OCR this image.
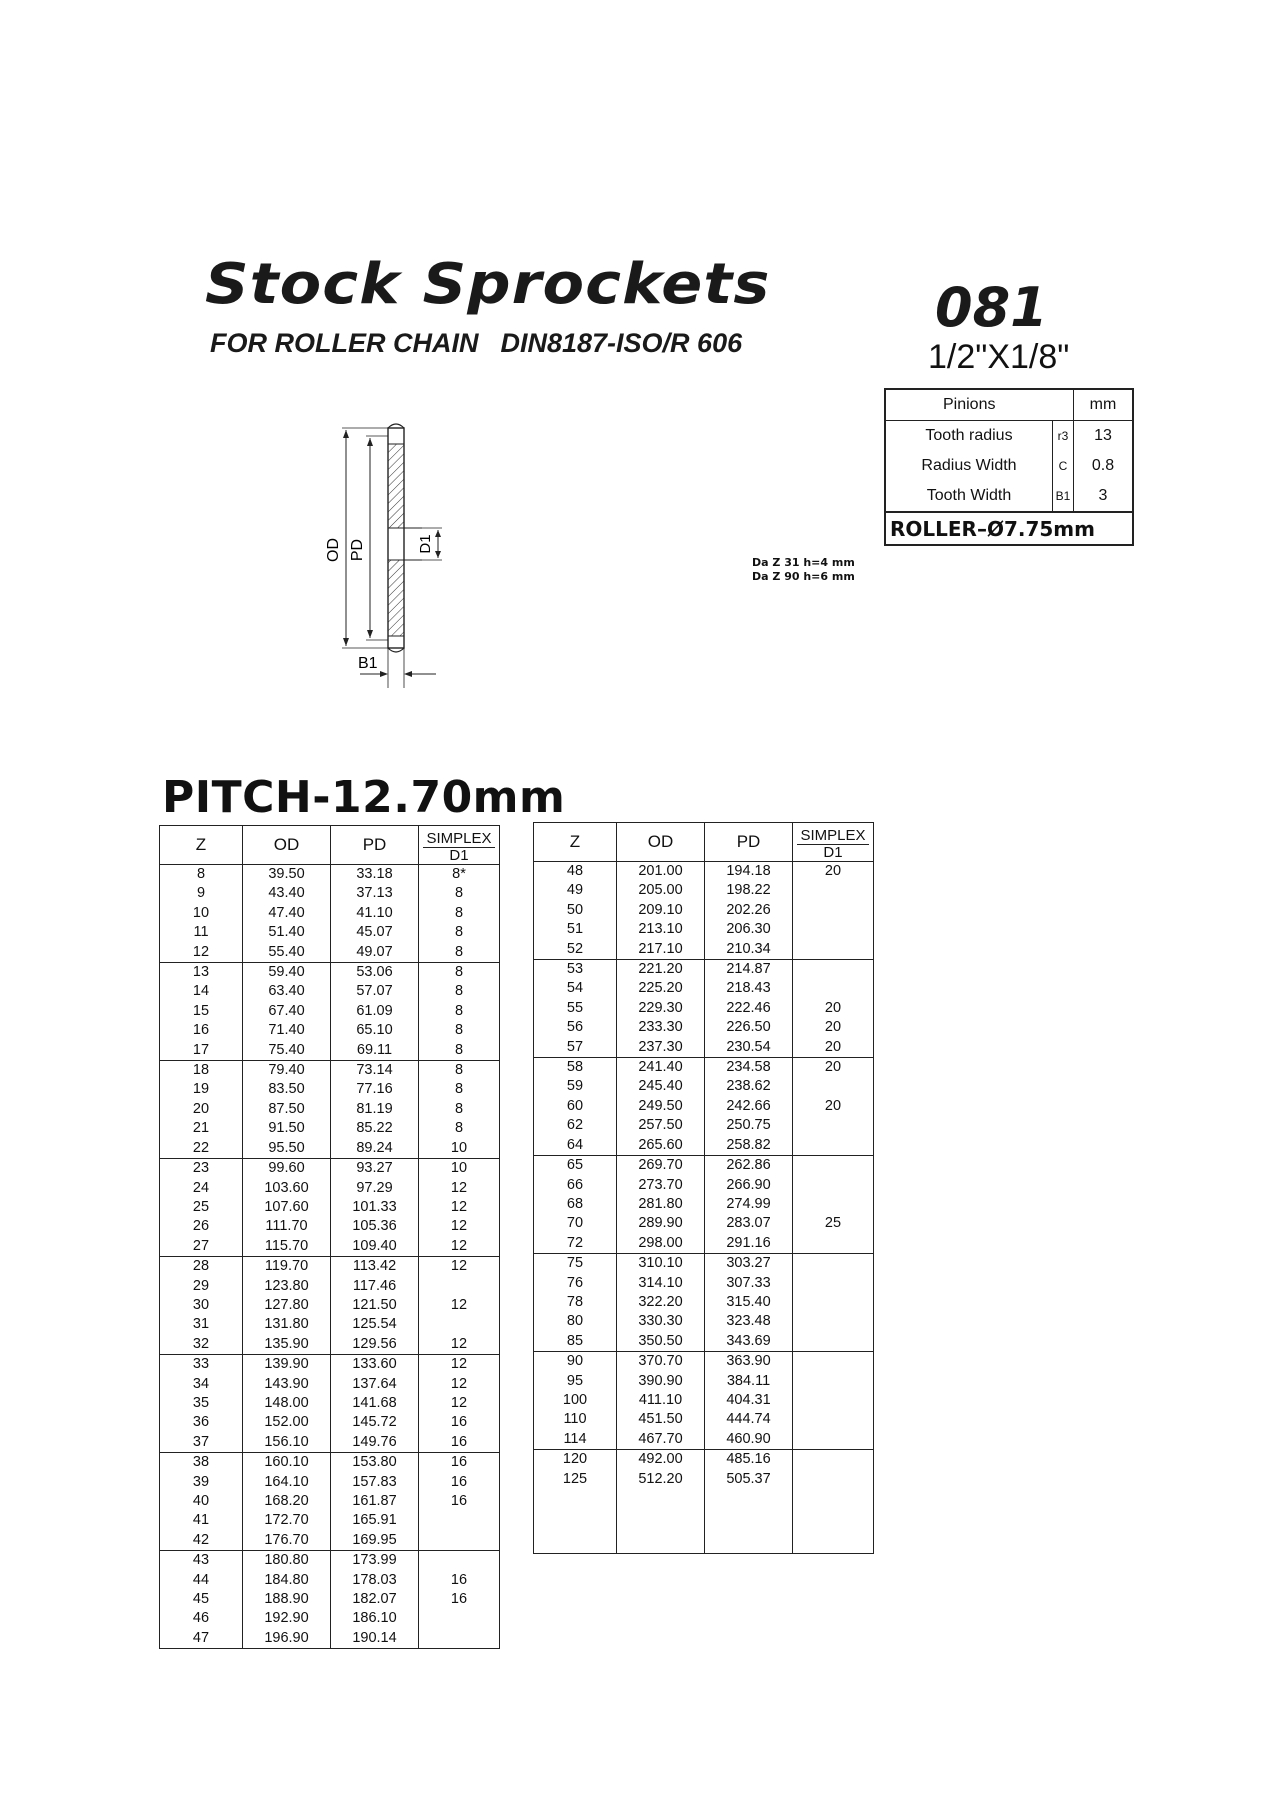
Stock Sprockets
FOR ROLLER CHAIN DIN8187-ISO/R 606
081
1/2"X1/8"
Pinions		mm
Tooth radius	r3	13
Radius Width	C	0.8
Tooth Width	B1	3
ROLLER–Ø7.75mm		
Da Z 31 h=4 mm
Da Z 90 h=6 mm
OD PD	D1
B1
PITCH-12.70mm
Z	OD	PD	SIMPLEX
D1

8	39.50	33.18	8*
9	43.40	37.13	8
10	47.40	41.10	8
11	51.40	45.07	8
12	55.40	49.07	8
13	59.40	53.06	8
14	63.40	57.07	8
15	67.40	61.09	8
16	71.40	65.10	8
17	75.40	69.11	8
18	79.40	73.14	8
19	83.50	77.16	8
20	87.50	81.19	8
21	91.50	85.22	8
22	95.50	89.24	10
23	99.60	93.27	10
24	103.60	97.29	12
25	107.60	101.33	12
26	111.70	105.36	12
27	115.70	109.40	12
28	119.70	113.42	12
29	123.80	117.46	
30	127.80	121.50	12
31	131.80	125.54	
32	135.90	129.56	12
33	139.90	133.60	12
34	143.90	137.64	12
35	148.00	141.68	12
36	152.00	145.72	16
37	156.10	149.76	16
38	160.10	153.80	16
39	164.10	157.83	16
40	168.20	161.87	16
41	172.70	165.91	
42	176.70	169.95	
43	180.80	173.99	
44	184.80	178.03	16
45	188.90	182.07	16
46	192.90	186.10	
47	196.90	190.14	
Z	OD	PD	SIMPLEX
D1

48	201.00	194.18	20
49	205.00	198.22	
50	209.10	202.26	
51	213.10	206.30	
52	217.10	210.34	
53	221.20	214.87	
54	225.20	218.43	
55	229.30	222.46	20
56	233.30	226.50	20
57	237.30	230.54	20
58	241.40	234.58	20
59	245.40	238.62	
60	249.50	242.66	20
62	257.50	250.75	
64	265.60	258.82	
65	269.70	262.86	
66	273.70	266.90	
68	281.80	274.99	
70	289.90	283.07	25
72	298.00	291.16	
75	310.10	303.27	
76	314.10	307.33	
78	322.20	315.40	
80	330.30	323.48	
85	350.50	343.69	
90	370.70	363.90	
95	390.90	384.11	
100	411.10	404.31	
110	451.50	444.74	
114	467.70	460.90	
120	492.00	485.16	
125	512.20	505.37	
